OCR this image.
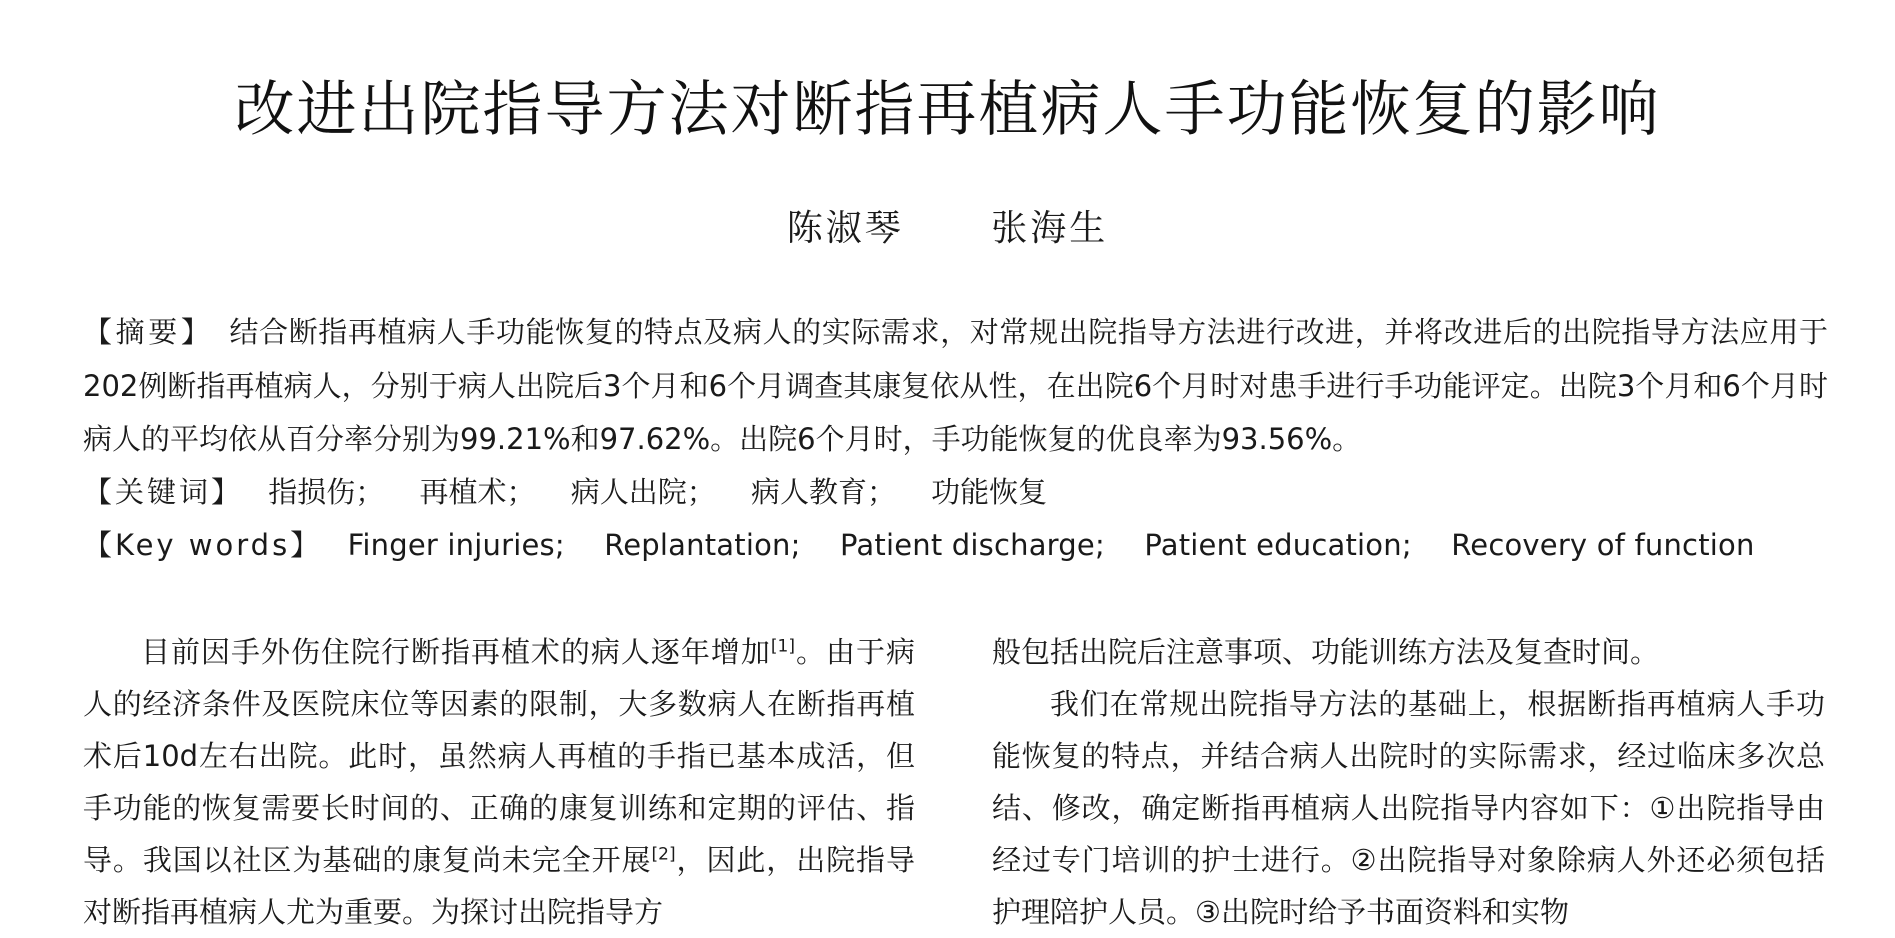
改进出院指导方法对断指再植病人手功能恢复的影响
陈淑琴 张海生
【摘要】 结合断指再植病人手功能恢复的特点及病人的实际需求，对常规出院指导方法进行改进，并将改进后的出院指导方法应用于202例断指再植病人，分别于病人出院后3个月和6个月调查其康复依从性，在出院6个月时对患手进行手功能评定。出院3个月和6个月时病人的平均依从百分率分别为99.21%和97.62%。出院6个月时，手功能恢复的优良率为93.56%。
【关键词】 指损伤； 再植术； 病人出院； 病人教育； 功能恢复
【Key words】 Finger injuries; Replantation; Patient discharge; Patient education; Recovery of function

目前因手外伤住院行断指再植术的病人逐年增加[1]。由于病人的经济条件及医院床位等因素的限制，大多数病人在断指再植术后10d左右出院。此时，虽然病人再植的手指已基本成活，但手功能的恢复需要长时间的、正确的康复训练和定期的评估、指导。我国以社区为基础的康复尚未完全开展[2]，因此，出院指导对断指再植病人尤为重要。为探讨出院指导方

般包括出院后注意事项、功能训练方法及复查时间。

我们在常规出院指导方法的基础上，根据断指再植病人手功能恢复的特点，并结合病人出院时的实际需求，经过临床多次总结、修改，确定断指再植病人出院指导内容如下：①出院指导由经过专门培训的护士进行。②出院指导对象除病人外还必须包括护理陪护人员。③出院时给予书面资料和实物
